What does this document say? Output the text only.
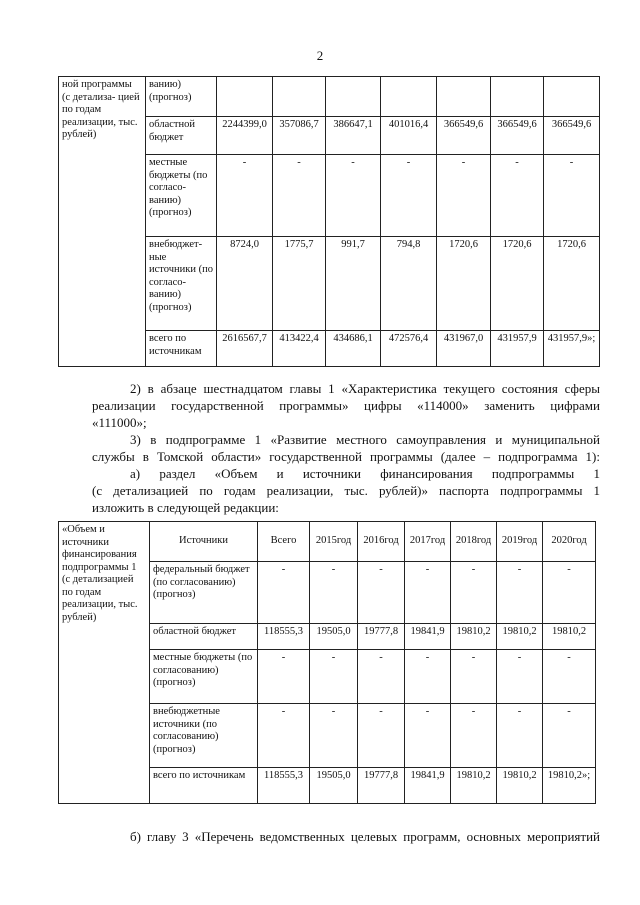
2
ной программы (с детализа- цией по годам реализации, тыс. рублей)	ванию) (прогноз)							
	областной бюджет	2244399,0	357086,7	386647,1	401016,4	366549,6	366549,6	366549,6
	местные бюджеты (по согласо- ванию) (прогноз)	-	-	-	-	-	-	-
	внебюджет- ные источники (по согласо- ванию) (прогноз)	8724,0	1775,7	991,7	794,8	1720,6	1720,6	1720,6
	всего по источникам	2616567,7	413422,4	434686,1	472576,4	431967,0	431957,9	431957,9»;
2) в абзаце шестнадцатом главы 1 «Характеристика текущего состояния сферы
реализации государственной программы» цифры «114000» заменить цифрами
«111000»;
3) в подпрограмме 1 «Развитие местного самоуправления и муниципальной
службы в Томской области» государственной программы (далее – подпрограмма 1):
а) раздел «Объем и источники финансирования подпрограммы 1
(с детализацией по годам реализации, тыс. рублей)» паспорта подпрограммы 1
изложить в следующей редакции:
«Объем и источники финансирования подпрограммы 1 (с детализацией по годам реализации, тыс. рублей)	Источники	Всего	2015год	2016год	2017год	2018год	2019год	2020год
	федеральный бюджет (по согласованию) (прогноз)	-	-	-	-	-	-	-
	областной бюджет	118555,3	19505,0	19777,8	19841,9	19810,2	19810,2	19810,2
	местные бюджеты (по согласованию) (прогноз)	-	-	-	-	-	-	-
	внебюджетные источники (по согласованию) (прогноз)	-	-	-	-	-	-	-
	всего по источникам	118555,3	19505,0	19777,8	19841,9	19810,2	19810,2	19810,2»;
б) главу 3 «Перечень ведомственных целевых программ, основных мероприятий
